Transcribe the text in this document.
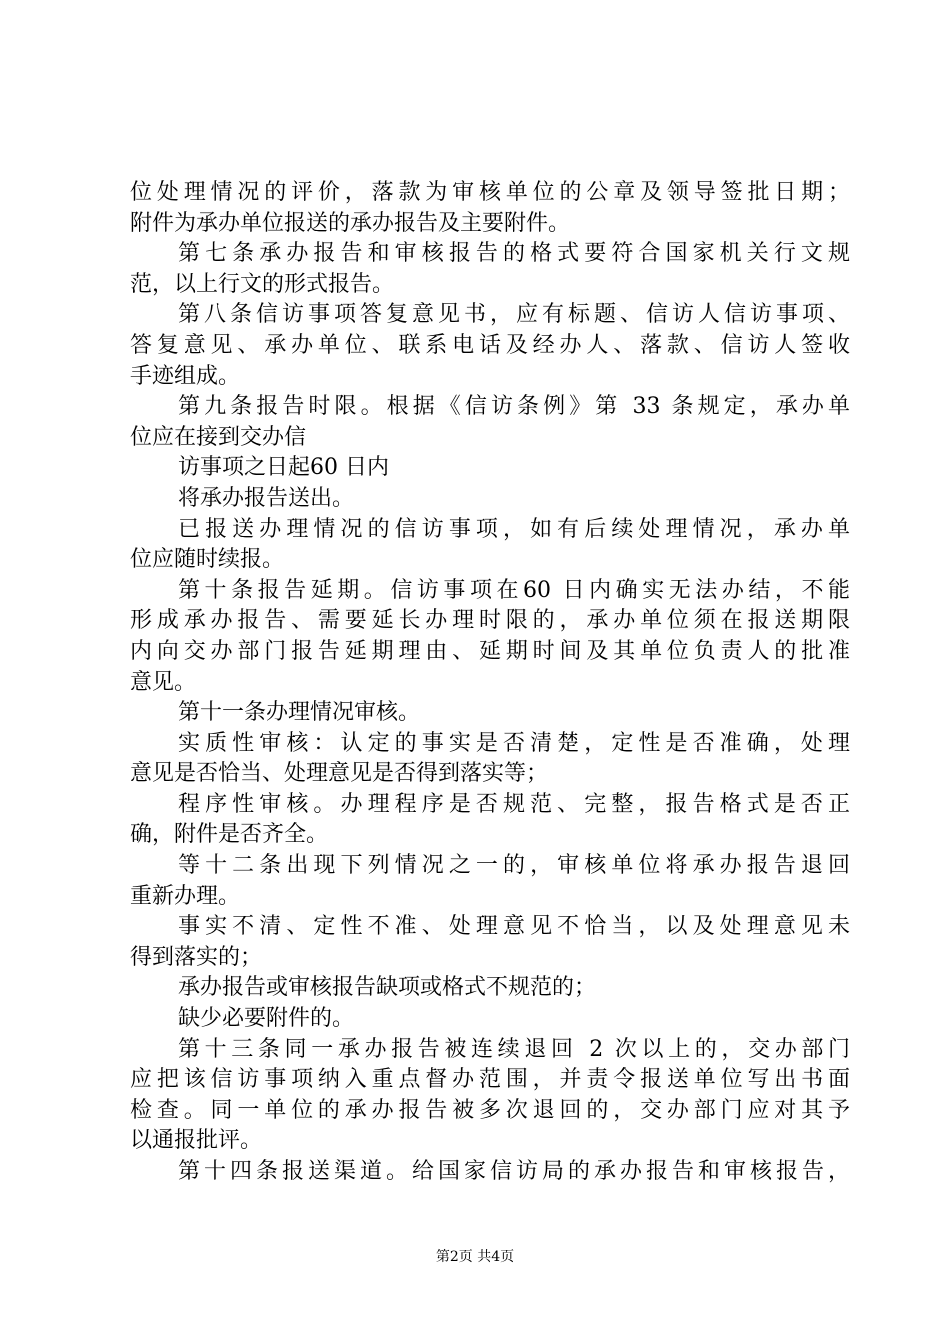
位处理情况的评价，落款为审核单位的公章及领导签批日期；
附件为承办单位报送的承办报告及主要附件。
第七条承办报告和审核报告的格式要符合国家机关行文规
范，以上行文的形式报告。
第八条信访事项答复意见书，应有标题、信访人信访事项、
答复意见、承办单位、联系电话及经办人、落款、信访人签收
手迹组成。
第九条报告时限。根据《信访条例》第 33 条规定，承办单
位应在接到交办信
访事项之日起60 日内
将承办报告送出。
已报送办理情况的信访事项，如有后续处理情况，承办单
位应随时续报。
第十条报告延期。信访事项在60 日内确实无法办结，不能
形成承办报告、需要延长办理时限的，承办单位须在报送期限
内向交办部门报告延期理由、延期时间及其单位负责人的批准
意见。
第十一条办理情况审核。
实质性审核：认定的事实是否清楚，定性是否准确，处理
意见是否恰当、处理意见是否得到落实等；
程序性审核。办理程序是否规范、完整，报告格式是否正
确，附件是否齐全。
等十二条出现下列情况之一的，审核单位将承办报告退回
重新办理。
事实不清、定性不准、处理意见不恰当，以及处理意见未
得到落实的；
承办报告或审核报告缺项或格式不规范的；
缺少必要附件的。
第十三条同一承办报告被连续退回 2 次以上的，交办部门
应把该信访事项纳入重点督办范围，并责令报送单位写出书面
检查。同一单位的承办报告被多次退回的，交办部门应对其予
以通报批评。
第十四条报送渠道。给国家信访局的承办报告和审核报告，
第2页 共4页
